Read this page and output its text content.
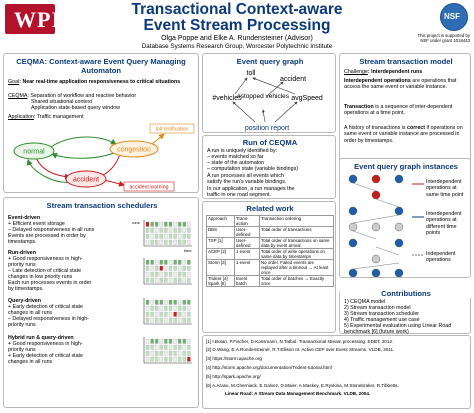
WPI	Transactional Context-aware
Event Stream Processing
Olga Poppe and Elke A. Rundensteiner (Advisor)
Database Systems Research Group, Worcester Polytechnic Institute
NSF
This project is supported by
NSF under grant 1018443
CEQMA: Context-aware Event Query Managing Automaton
Goal: Near real-time application responsiveness to critical situations
CEQMA: Separation of workflow and reactive behavior
Shared situational context
Application state-based query window
Application: Traffic management
normal	congestion
accident
toll notification
accident warning
Event query graph
toll
accident
#vehicles
#stopped vehicles avgSpeed
position report
Run of CEQMA
A run is uniquely identified by:
– events matched so far
– state of the automaton
– computation state (variable bindings)
A run processes all events which
satisfy the run's variable bindings.
In our application, a run manages the
traffic in one road segment.
Stream transaction schedulers
Event-driven
+ Efficient event storage
– Delayed responsiveness in all runs
Events are processed in order by
timestamps.
Run-driven
+ Good responsiveness in high-
priority runs
– Late detection of critical state
changes in low priority runs
Each run processes events in order
by timestamps.
Query-driven
+ Early detection of critical state
changes in all runs
– Delayed responsiveness in high-
priority runs
Hybrid run & query-driven
+ Good responsiveness in high-
priority runs
+ Early detection of critical state
changes in all runs
time
runs
Related work
Approach	Trans-action	Transaction ordering
DBS	User-defined	Total order of transactions
TSP [1]	User-defined	Total order of transactions on same data by event arrival
ACEP [2]	1 event	Total order of write operations on same data by timestamps
Storm [3]	1 event	No order. Failed events are replayed after a timeout → At least once
Trident [4] Spark [5]	Event batch	Total order of batches → Exactly once
[1] I.Botan, P.Fischer, D.Kossmann, N.Tatbul. Transactional stream processing. EDBT, 2012.
[2] D.Wang, E.A.Rundensteiner, R.T.Ellison III. Active CEP over Event Streams. VLDB, 2011.
[3] https://storm.apache.org
[4] http://storm.apache.org/documentation/Trident-tutorial.html
[5] http://spark.apache.org/
[6] A.Arasu, M.Cherniack, E.Galvez, D.Maier, A.Maskey, E.Ryvkina, M.Stonebraker, R.Tibbetts.
Linear Road: A Stream Data Management Benchmark. VLDB, 2004.
Stream transaction model
Challenge: Interdependent runs
Interdependent operations are operations that access the same event or variable instance.
Transaction is a sequence of inter-dependent operations at a time point.
A history of transactions is correct if operations on same event or variable instance are processed in order by timestamps.
Event query graph instances
Interdependent operations at same time point
Interdependent operations at different time points
Independent operations
Contributions
1) CEQMA model
2) Stream transaction model
3) Stream transaction scheduler
4) Traffic management use case
5) Experimental evaluation using Linear Road benchmark [6] (future work)
